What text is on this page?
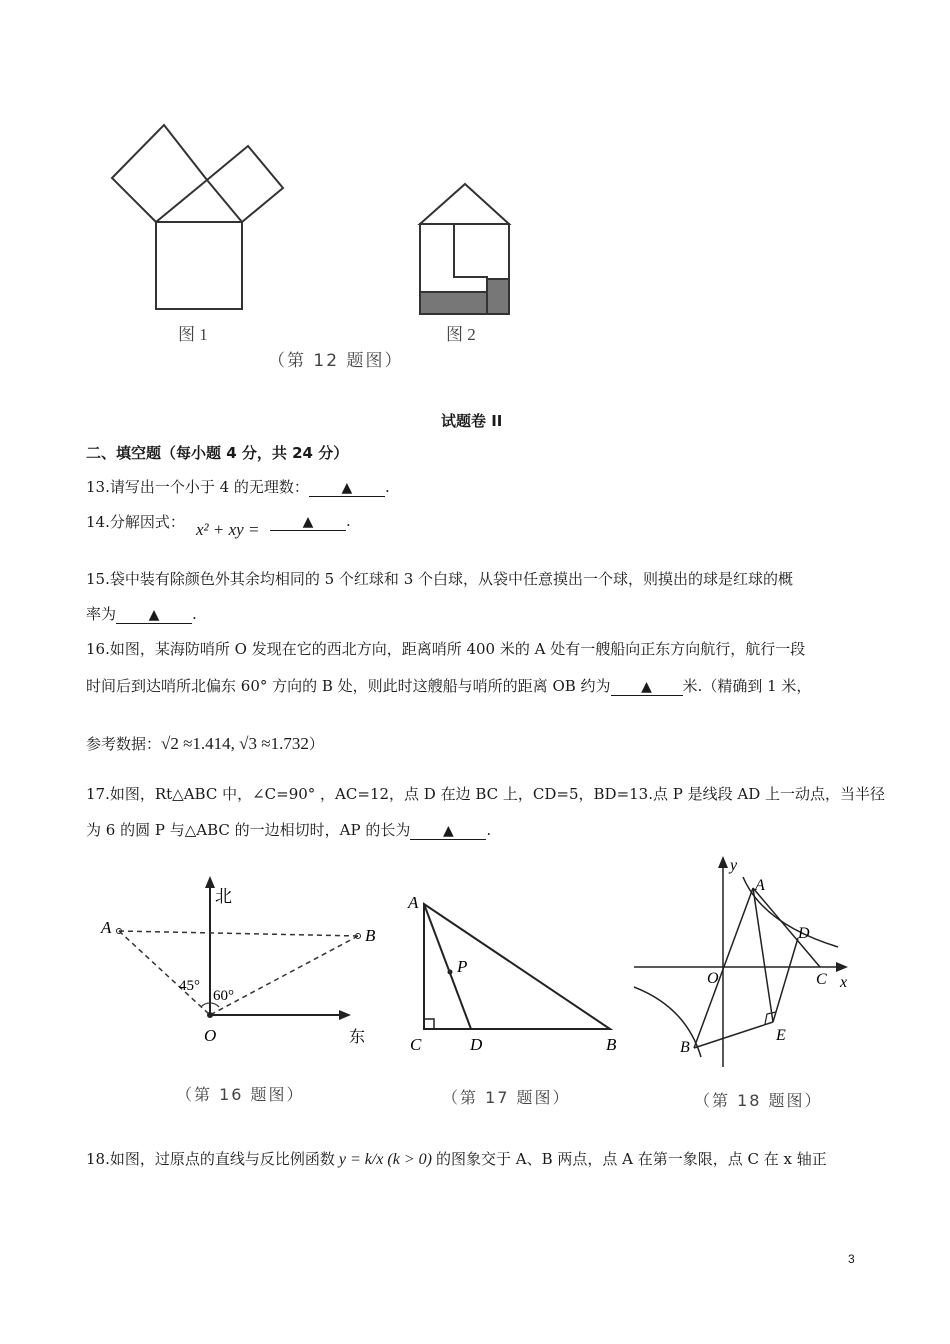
图 1	图 2
（第 12 题图）
试题卷 II
二、填空题（每小题 4 分，共 24 分）
13.请写出一个小于 4 的无理数： ▲ .
14.分解因式： x² + xy =	▲ .
15.袋中装有除颜色外其余均相同的 5 个红球和 3 个白球，从袋中任意摸出一个球，则摸出的球是红球的概
率为 ▲ .
16.如图，某海防哨所 O 发现在它的西北方向，距离哨所 400 米的 A 处有一艘船向正东方向航行，航行一段
时间后到达哨所北偏东 60° 方向的 B 处，则此时这艘船与哨所的距离 OB 约为 ▲ 米.（精确到 1 米，
参考数据：√2 ≈1.414, √3 ≈1.732）
17.如图，Rt△ABC 中，∠C=90° ，AC=12，点 D 在边 BC 上，CD=5，BD=13.点 P 是线段 AD 上一动点，当半径
为 6 的圆 P 与△ABC 的一边相切时，AP 的长为 ▲ .
北
东
A	B
O
45°
60°
（第 16 题图）
A
B
C	D
P
（第 17 题图）
y
x
A
B
C
D
E
O
（第 18 题图）
18.如图，过原点的直线与反比例函数 y = k/x (k > 0) 的图象交于 A、B 两点，点 A 在第一象限，点 C 在 x 轴正
3
